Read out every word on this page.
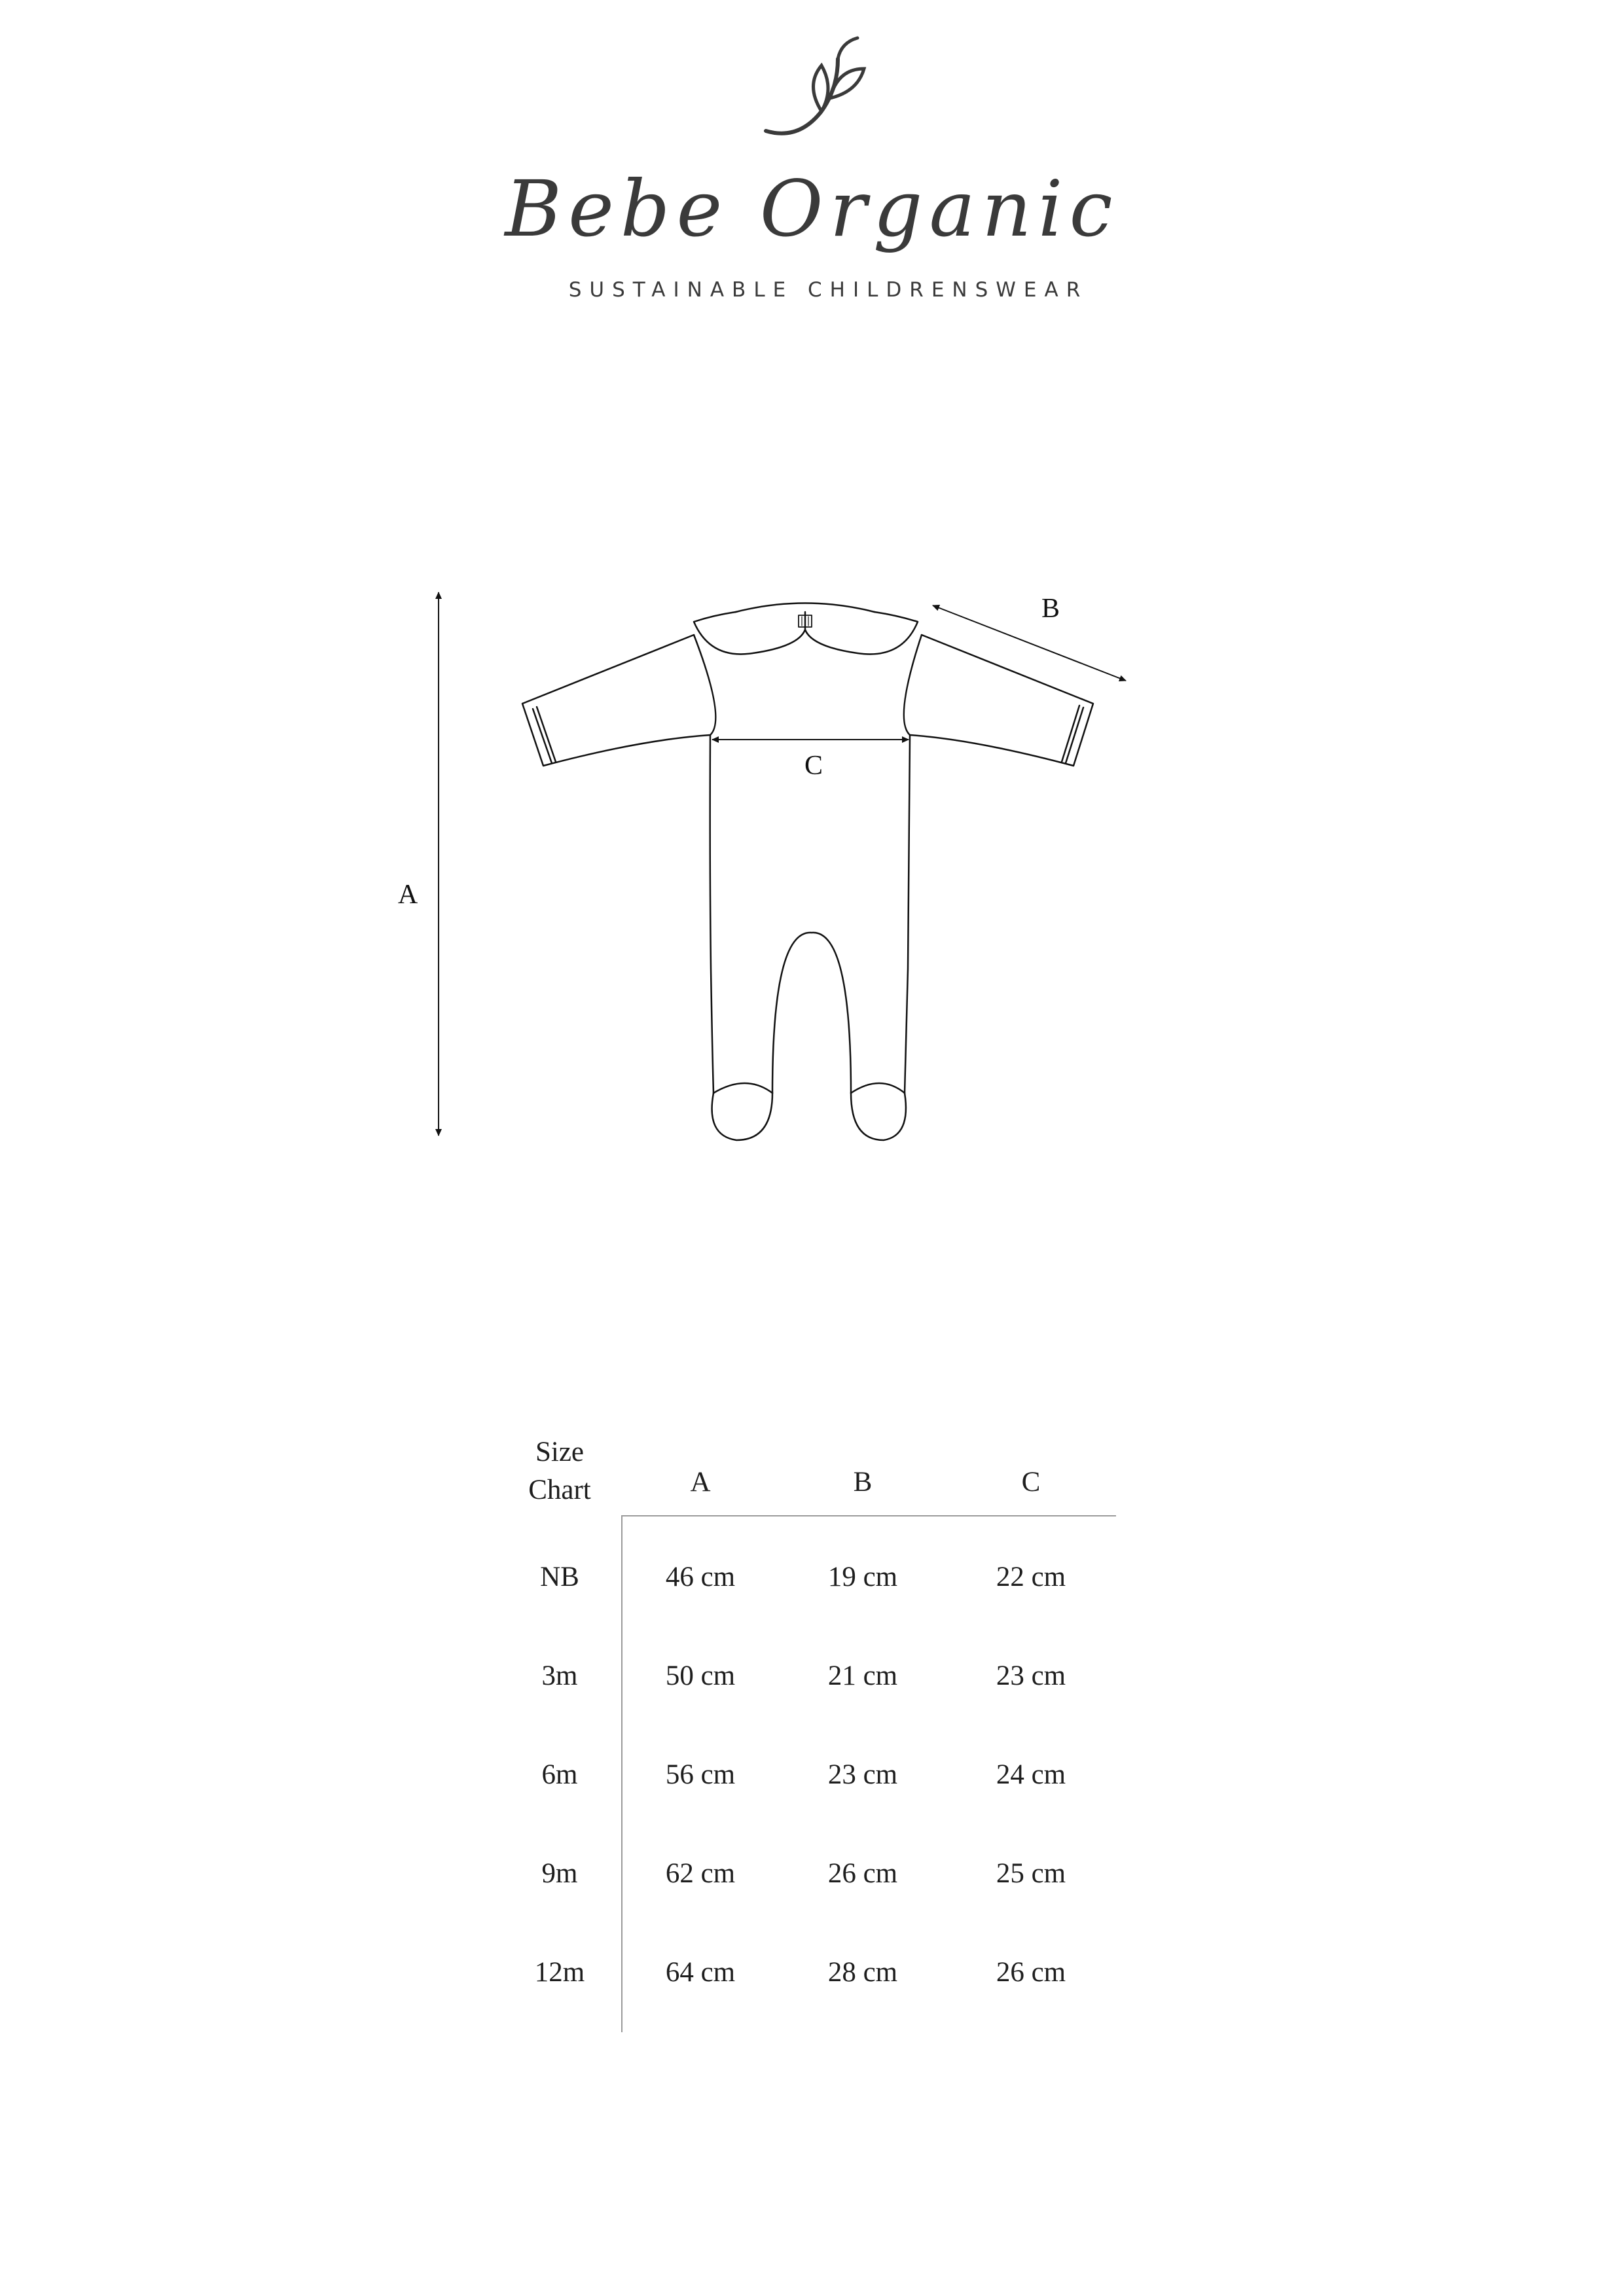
Bebe Organic
SUSTAINABLE CHILDRENSWEAR
A
B
C
Size
Chart	A	B	C
NB	46 cm	19 cm	22 cm
3m	50 cm	21 cm	23 cm
6m	56 cm	23 cm	24 cm
9m	62 cm	26 cm	25 cm
12m	64 cm	28 cm	26 cm
